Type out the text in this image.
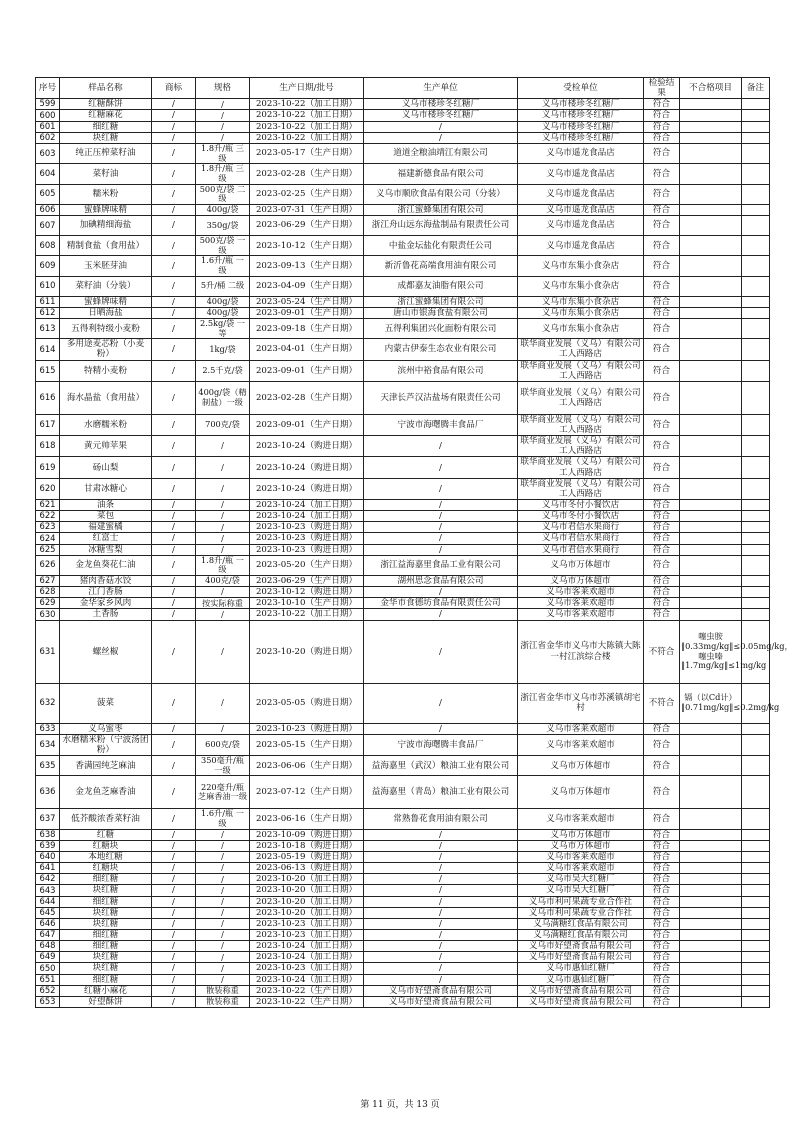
序号	样品名称	商标	规格	生产日期/批号	生产单位	受检单位	检验结果	不合格项目	备注
599	红糖酥饼	/	/	2023-10-22（加工日期）	义乌市楼珍冬红糖厂	义乌市楼珍冬红糖厂	符合		
600	红糖麻花	/	/	2023-10-22（加工日期）	义乌市楼珍冬红糖厂	义乌市楼珍冬红糖厂	符合		
601	细红糖	/	/	2023-10-22（加工日期）	/	义乌市楼珍冬红糖厂	符合		
602	块红糖	/	/	2023-10-22（加工日期）	/	义乌市楼珍冬红糖厂	符合		
603	纯正压榨菜籽油	/	1.8升/瓶 三级	2023-05-17（生产日期）	道道全粮油靖江有限公司	义乌市遥龙食品店	符合		
604	菜籽油	/	1.8升/瓶 三级	2023-02-28（生产日期）	福建新德食品有限公司	义乌市遥龙食品店	符合		
605	糯米粉	/	500克/袋 二级	2023-02-25（生产日期）	义乌市顺欣食品有限公司（分装）	义乌市遥龙食品店	符合		
606	蜜蜂牌味精	/	400g/袋	2023-07-31（生产日期）	浙江蜜蜂集团有限公司	义乌市遥龙食品店	符合		
607	加碘精细海盐	/	350g/袋	2023-06-29（生产日期）	浙江舟山远东海盐制品有限责任公司	义乌市遥龙食品店	符合		
608	精制食盐（食用盐）	/	500克/袋 一级	2023-10-12（生产日期）	中盐金坛盐化有限责任公司	义乌市遥龙食品店	符合		
609	玉米胚芽油	/	1.6升/瓶 一级	2023-09-13（生产日期）	新沂鲁花高端食用油有限公司	义乌市东集小食杂店	符合		
610	菜籽油（分装）	/	5升/桶 二级	2023-04-09（生产日期）	成都嘉友油脂有限公司	义乌市东集小食杂店	符合		
611	蜜蜂牌味精	/	400g/袋	2023-05-24（生产日期）	浙江蜜蜂集团有限公司	义乌市东集小食杂店	符合		
612	日晒海盐	/	400g/袋	2023-09-01（生产日期）	唐山市银海食盐有限公司	义乌市东集小食杂店	符合		
613	五得利特级小麦粉	/	2.5kg/袋 一等	2023-09-18（生产日期）	五得利集团兴化面粉有限公司	义乌市东集小食杂店	符合		
614	多用途麦芯粉（小麦粉）	/	1kg/袋	2023-04-01（生产日期）	内蒙古伊泰生态农业有限公司	联华商业发展（义乌）有限公司工人西路店	符合		
615	特精小麦粉	/	2.5千克/袋	2023-09-01（生产日期）	滨州中裕食品有限公司	联华商业发展（义乌）有限公司工人西路店	符合		
616	海水晶盐（食用盐）	/	400g/袋（精制盐）一级	2023-02-28（生产日期）	天津长芦汉沽盐场有限责任公司	联华商业发展（义乌）有限公司工人西路店	符合		
617	水磨糯米粉	/	700克/袋	2023-09-01（生产日期）	宁波市海曙腾丰食品厂	联华商业发展（义乌）有限公司工人西路店	符合		
618	黄元帅苹果	/	/	2023-10-24（购进日期）	/	联华商业发展（义乌）有限公司工人西路店	符合		
619	砀山梨	/	/	2023-10-24（购进日期）	/	联华商业发展（义乌）有限公司工人西路店	符合		
620	甘肃冰糖心	/	/	2023-10-24（购进日期）	/	联华商业发展（义乌）有限公司工人西路店	符合		
621	油条	/	/	2023-10-24（加工日期）	/	义乌市冬付小餐饮店	符合		
622	菜包	/	/	2023-10-24（加工日期）	/	义乌市冬付小餐饮店	符合		
623	福建蜜橘	/	/	2023-10-23（购进日期）	/	义乌市君信水果商行	符合		
624	红富士	/	/	2023-10-23（购进日期）	/	义乌市君信水果商行	符合		
625	冰糖雪梨	/	/	2023-10-23（购进日期）	/	义乌市君信水果商行	符合		
626	金龙鱼葵花仁油	/	1.8升/瓶 一级	2023-05-20（生产日期）	浙江益海嘉里食品工业有限公司	义乌市万体超市	符合		
627	猪肉香菇水饺	/	400克/袋	2023-06-29（生产日期）	湖州思念食品有限公司	义乌市万体超市	符合		
628	江门香肠	/	/	2023-10-12（购进日期）	/	义乌市客莱欢超市	符合		
629	金华家乡风肉	/	按实际称重	2023-10-10（生产日期）	金华市食德坊食品有限责任公司	义乌市客莱欢超市	符合		
630	土香肠	/	/	2023-10-22（加工日期）	/	义乌市客莱欢超市	符合		
631	螺丝椒	/	/	2023-10-20（购进日期）	/	浙江省金华市义乌市大陈镇大陈一村江滨综合楼	不符合	噻虫胺‖0.33mg/kg‖≤0.05mg/kg，噻虫嗪‖1.7mg/kg‖≤1mg/kg	
632	菠菜	/	/	2023-05-05（购进日期）	/	浙江省金华市义乌市苏溪镇胡宅村	不符合	镉（以Cd计）‖0.71mg/kg‖≤0.2mg/kg	
633	义乌蜜枣	/	/	2023-10-23（购进日期）	/	义乌市客莱欢超市	符合		
634	水磨糯米粉（宁波汤团粉）	/	600克/袋	2023-05-15（生产日期）	宁波市海曙腾丰食品厂	义乌市客莱欢超市	符合		
635	香满园纯芝麻油	/	350毫升/瓶 一级	2023-06-06（生产日期）	益海嘉里（武汉）粮油工业有限公司	义乌市万体超市	符合		
636	金龙鱼芝麻香油	/	220毫升/瓶 芝麻香油一级	2023-07-12（生产日期）	益海嘉里（青岛）粮油工业有限公司	义乌市万体超市	符合		
637	低芥酸浓香菜籽油	/	1.6升/瓶 一级	2023-06-16（生产日期）	常熟鲁花食用油有限公司	义乌市客莱欢超市	符合		
638	红糖	/	/	2023-10-09（购进日期）	/	义乌市万体超市	符合		
639	红糖块	/	/	2023-10-18（购进日期）	/	义乌市万体超市	符合		
640	本地红糖	/	/	2023-05-19（购进日期）	/	义乌市客莱欢超市	符合		
641	红糖块	/	/	2023-06-13（购进日期）	/	义乌市客莱欢超市	符合		
642	细红糖	/	/	2023-10-20（加工日期）	/	义乌市吴大红糖厂	符合		
643	块红糖	/	/	2023-10-20（加工日期）	/	义乌市吴大红糖厂	符合		
644	细红糖	/	/	2023-10-20（加工日期）	/	义乌市利可果蔬专业合作社	符合		
645	块红糖	/	/	2023-10-20（加工日期）	/	义乌市利可果蔬专业合作社	符合		
646	块红糖	/	/	2023-10-23（加工日期）	/	义乌满糖红食品有限公司	符合		
647	细红糖	/	/	2023-10-23（加工日期）	/	义乌满糖红食品有限公司	符合		
648	细红糖	/	/	2023-10-24（加工日期）	/	义乌市好望斋食品有限公司	符合		
649	块红糖	/	/	2023-10-24（加工日期）	/	义乌市好望斋食品有限公司	符合		
650	块红糖	/	/	2023-10-23（加工日期）	/	义乌市惠仙红糖厂	符合		
651	细红糖	/	/	2023-10-24（加工日期）	/	义乌市惠仙红糖厂	符合		
652	红糖小麻花	/	散装称重	2023-10-22（生产日期）	义乌市好望斋食品有限公司	义乌市好望斋食品有限公司	符合		
653	好望酥饼	/	散装称重	2023-10-22（生产日期）	义乌市好望斋食品有限公司	义乌市好望斋食品有限公司	符合		
第 11 页，共 13 页
